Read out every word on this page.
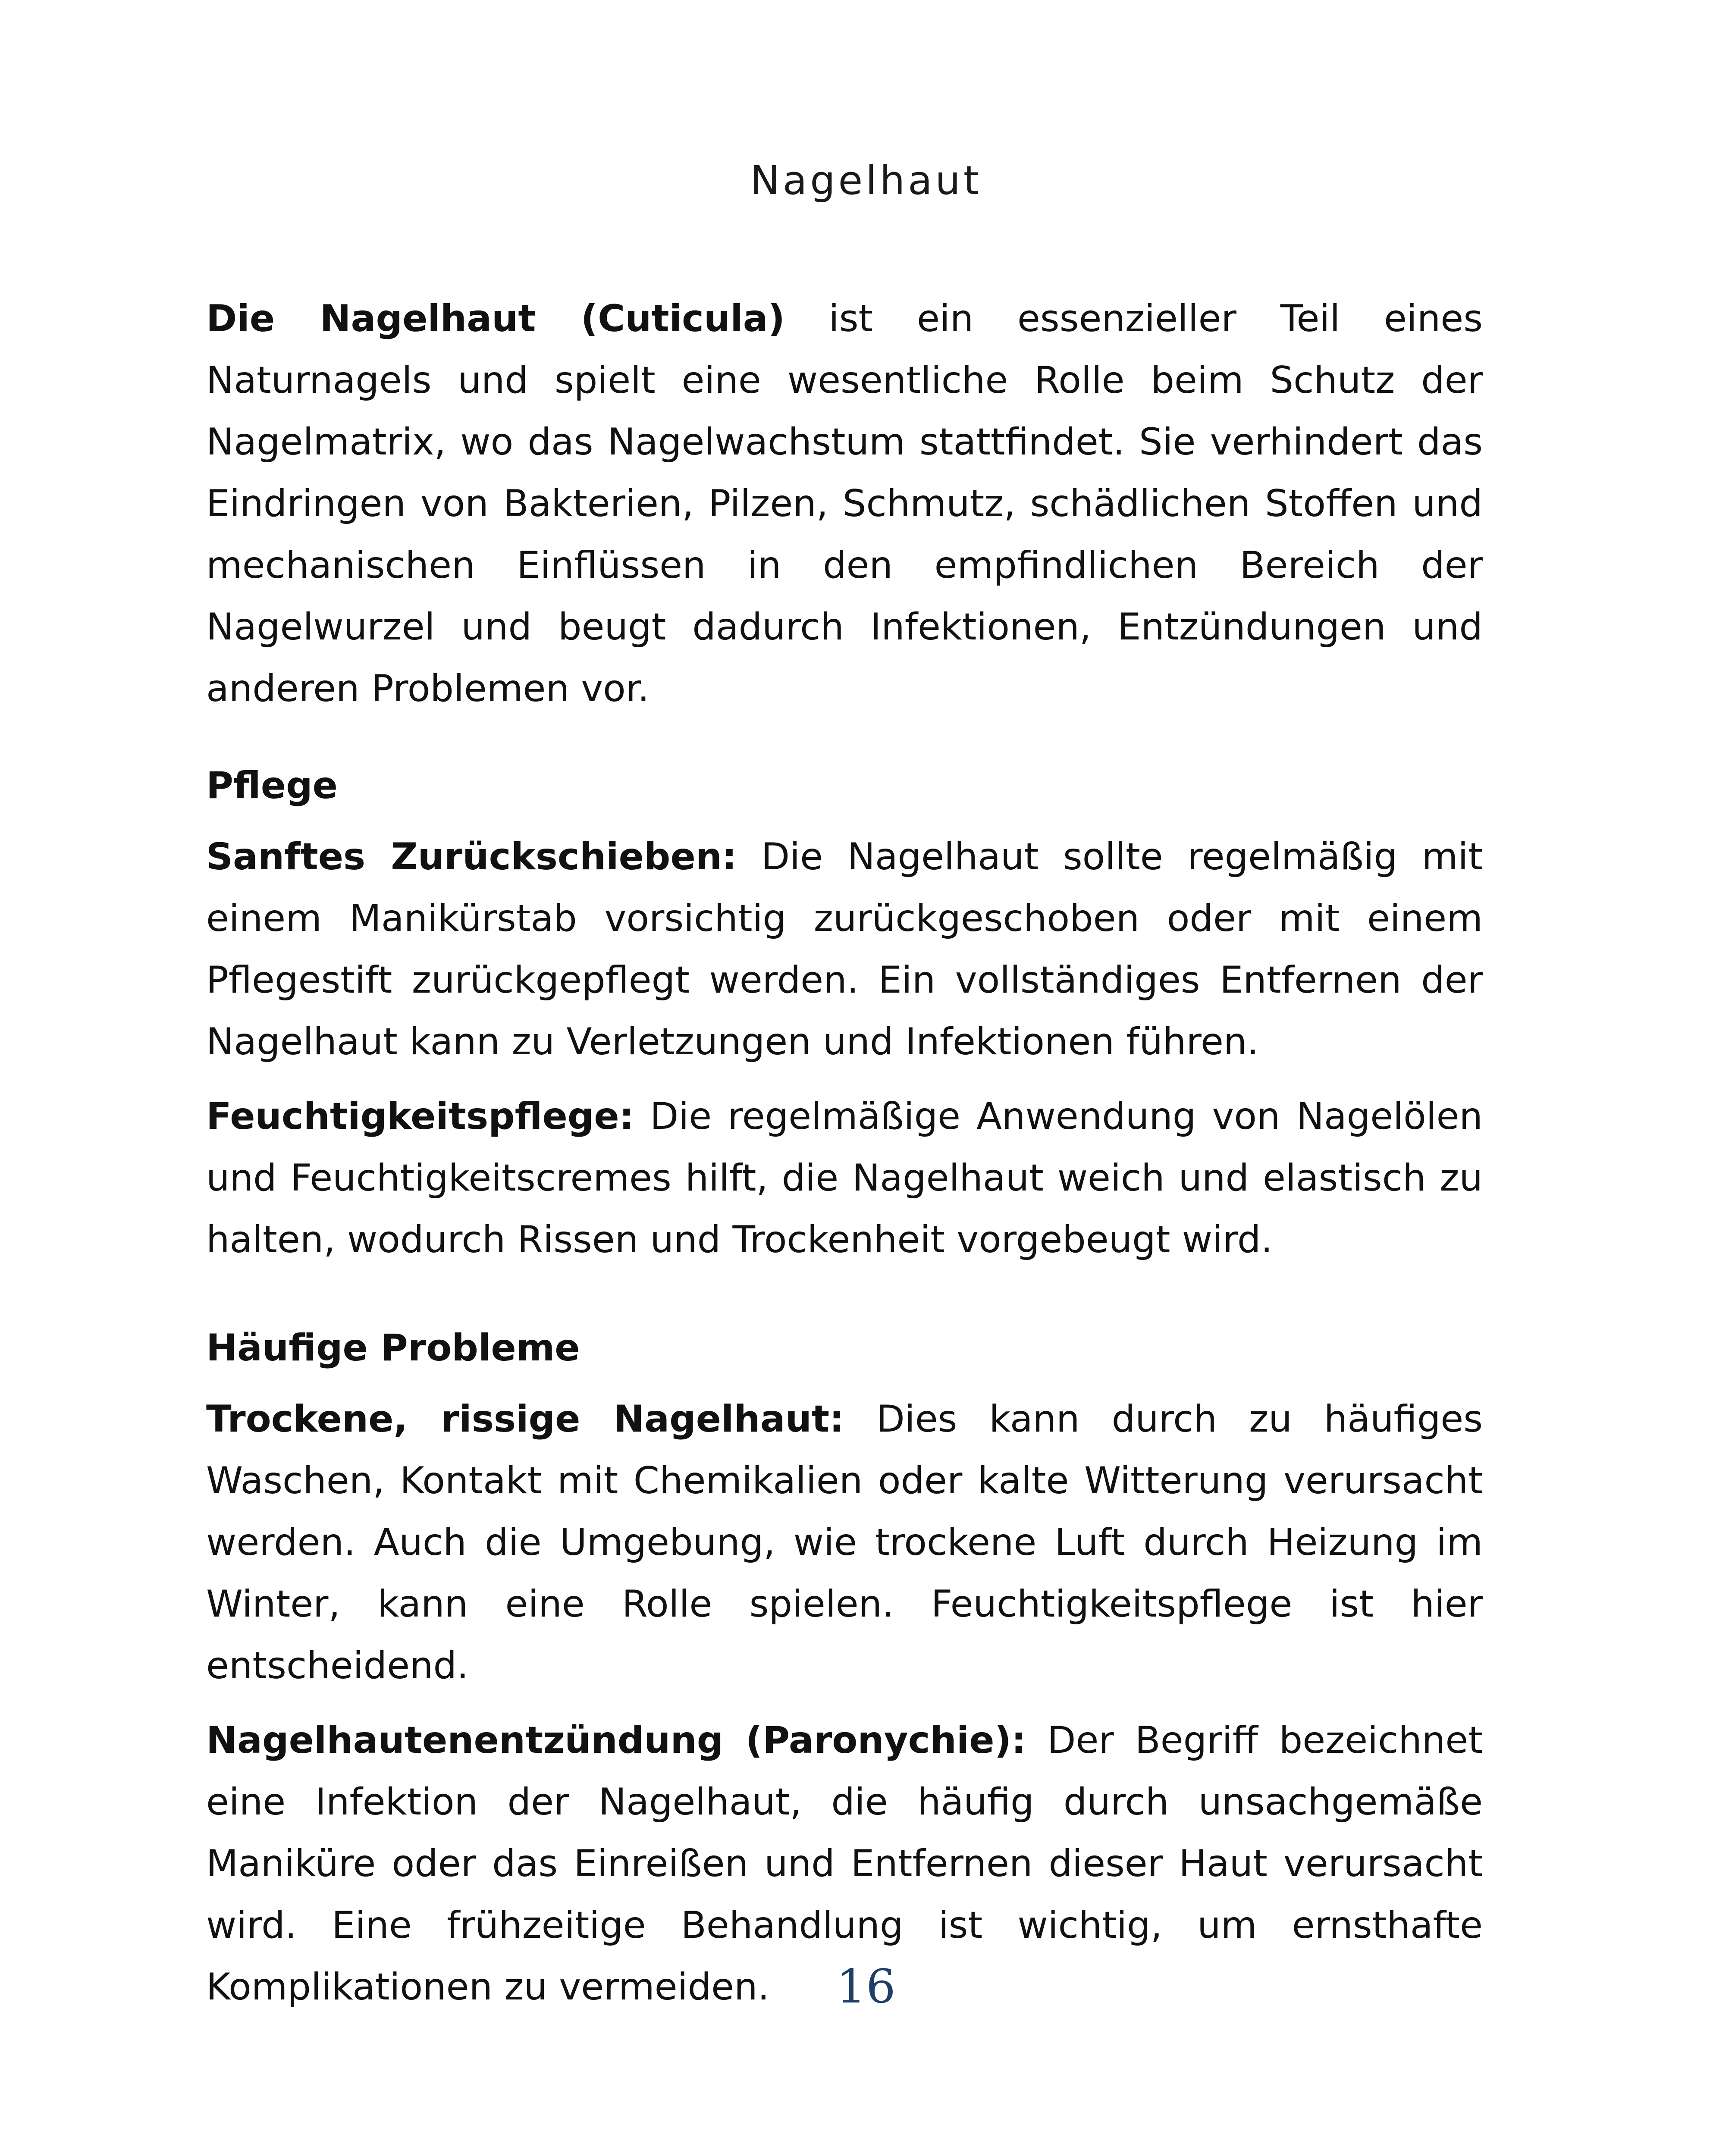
Nagelhaut

Die Nagelhaut (Cuticula) ist ein essenzieller Teil eines Naturnagels und spielt eine wesentliche Rolle beim Schutz der Nagelmatrix, wo das Nagelwachstum stattfindet. Sie verhindert das Eindringen von Bakterien, Pilzen, Schmutz, schädlichen Stoffen und mechanischen Einflüssen in den empfindlichen Bereich der Nagelwurzel und beugt dadurch Infektionen, Entzündungen und anderen Problemen vor.

Pflege

Sanftes Zurückschieben: Die Nagelhaut sollte regelmäßig mit einem Manikürstab vorsichtig zurückgeschoben oder mit einem Pflegestift zurückgepflegt werden. Ein vollständiges Entfernen der Nagelhaut kann zu Verletzungen und Infektionen führen.

Feuchtigkeitspflege: Die regelmäßige Anwendung von Nagelölen und Feuchtigkeitscremes hilft, die Nagelhaut weich und elastisch zu halten, wodurch Rissen und Trockenheit vorgebeugt wird.

Häufige Probleme

Trockene, rissige Nagelhaut: Dies kann durch zu häufiges Waschen, Kontakt mit Chemikalien oder kalte Witterung verursacht werden. Auch die Umgebung, wie trockene Luft durch Heizung im Winter, kann eine Rolle spielen. Feuchtigkeitspflege ist hier entscheidend.

Nagelhautenentzündung (Paronychie): Der Begriff bezeichnet eine Infektion der Nagelhaut, die häufig durch unsachgemäße Maniküre oder das Einreißen und Entfernen dieser Haut verursacht wird. Eine frühzeitige Behandlung ist wichtig, um ernsthafte Komplikationen zu vermeiden.	16
